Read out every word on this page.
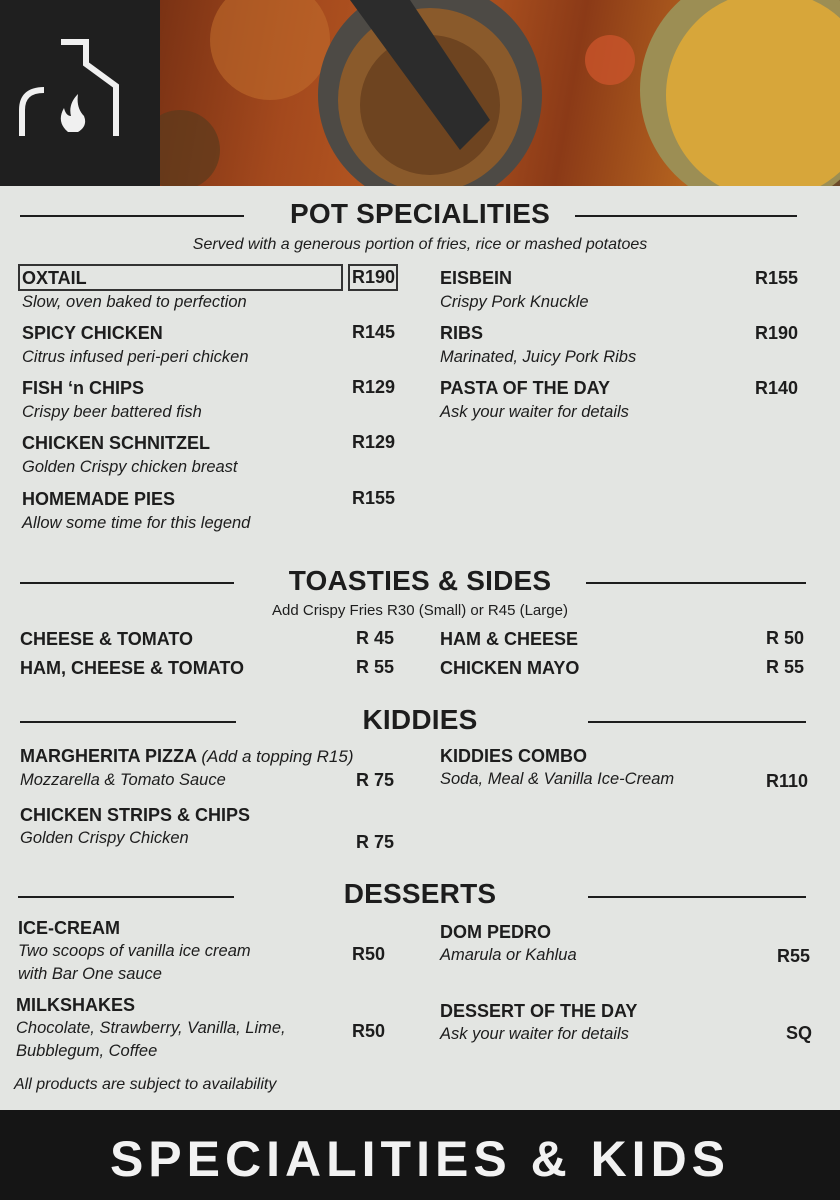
POT SPECIALITIES
Served with a generous portion of fries, rice or mashed potatoes
OXTAIL
Slow, oven baked to perfection
R190
SPICY CHICKEN
Citrus infused peri-peri chicken
R145
FISH ‘n CHIPS
Crispy beer battered fish
R129
CHICKEN SCHNITZEL
Golden Crispy chicken breast
R129
HOMEMADE PIES
Allow some time for this legend
R155
EISBEIN
Crispy Pork Knuckle
R155
RIBS
Marinated, Juicy Pork Ribs
R190
PASTA OF THE DAY
Ask your waiter for details
R140
TOASTIES & SIDES
Add Crispy Fries R30 (Small) or R45 (Large)
CHEESE & TOMATO	R 45
HAM, CHEESE & TOMATO	R 55
HAM & CHEESE	R 50
CHICKEN MAYO	R 55
KIDDIES
MARGHERITA PIZZA (Add a topping R15)
Mozzarella & Tomato Sauce	R 75
CHICKEN STRIPS & CHIPS
Golden Crispy Chicken	R 75
KIDDIES COMBO
Soda, Meal & Vanilla Ice-Cream	R110
DESSERTS
ICE-CREAM
Two scoops of vanilla ice cream
with Bar One sauce
R50
MILKSHAKES
Chocolate, Strawberry, Vanilla, Lime,
Bubblegum, Coffee
R50
DOM PEDRO
Amarula or Kahlua	R55
DESSERT OF THE DAY
Ask your waiter for details	SQ
All products are subject to availability
SPECIALITIES & KIDS
